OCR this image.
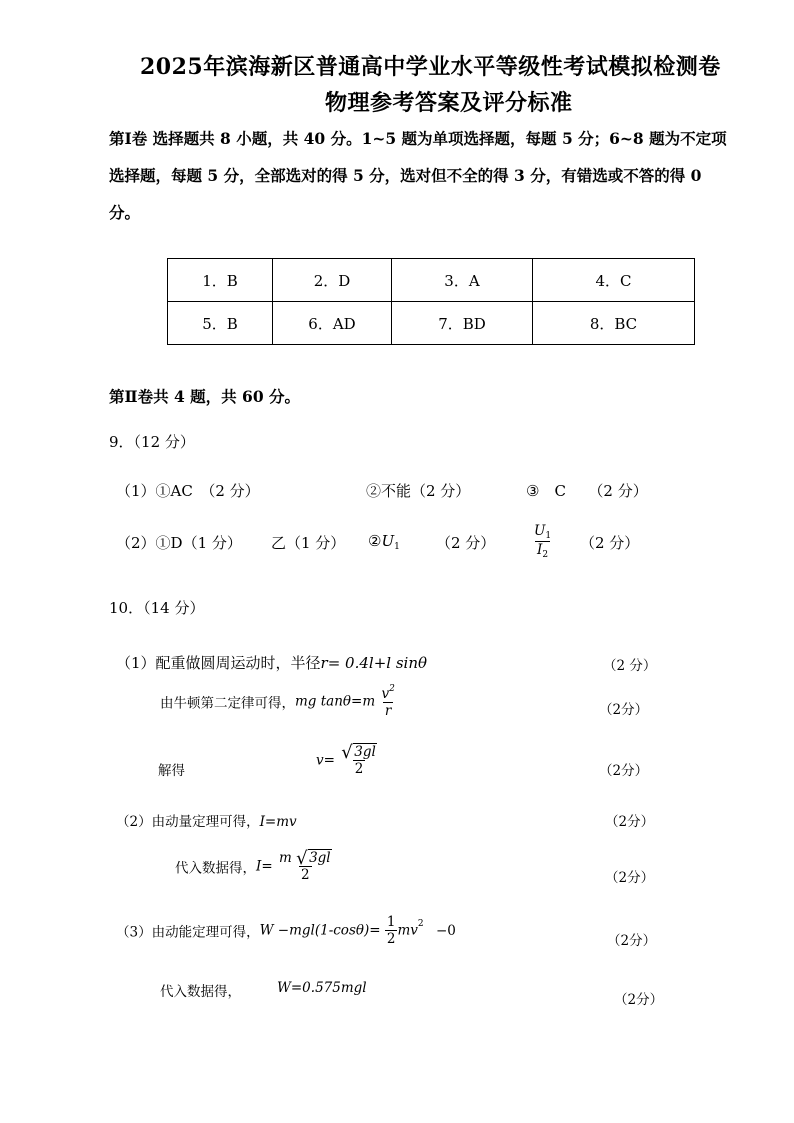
2025年滨海新区普通高中学业水平等级性考试模拟检测卷
物理参考答案及评分标准
第Ⅰ卷 选择题共 8 小题，共 40 分。1~5 题为单项选择题，每题 5 分；6~8 题为不定项
选择题，每题 5 分，全部选对的得 5 分，选对但不全的得 3 分，有错选或不答的得 0
分。
1．B	2．D	3．A	4．C
5．B	6．AD	7．BD	8．BC
第Ⅱ卷共 4 题，共 60 分。
9．（12 分）
（1）①AC　（2 分）	②不能（2 分）	③　C　　（2 分）
（2）①D（1 分） 乙（1 分） $②U_1$ （2 分）	$\frac{U_1}{I_2} (2$ 分）
10．（14 分）
（1）配重做圆周运动时，半径r= 0.4l+l sinθ	（2 分）
由牛顿第二定律可得，mg $\tan\theta=m \frac{v^2}{r}$	（2分）
解得
$v= \frac{√ 3gl}{2}$	（2分）
（2）由动量定理可得，I=mv	（2分）
代入数据得，$I= \frac{m √ 3gl}{2}$	（2分）
（3）由动能定理可得，$W -mgl(1-\cos\theta)= \frac{1}{2} mv^2 -0$
（2分）
代入数据得，	W=0.575mgl
（2分）
